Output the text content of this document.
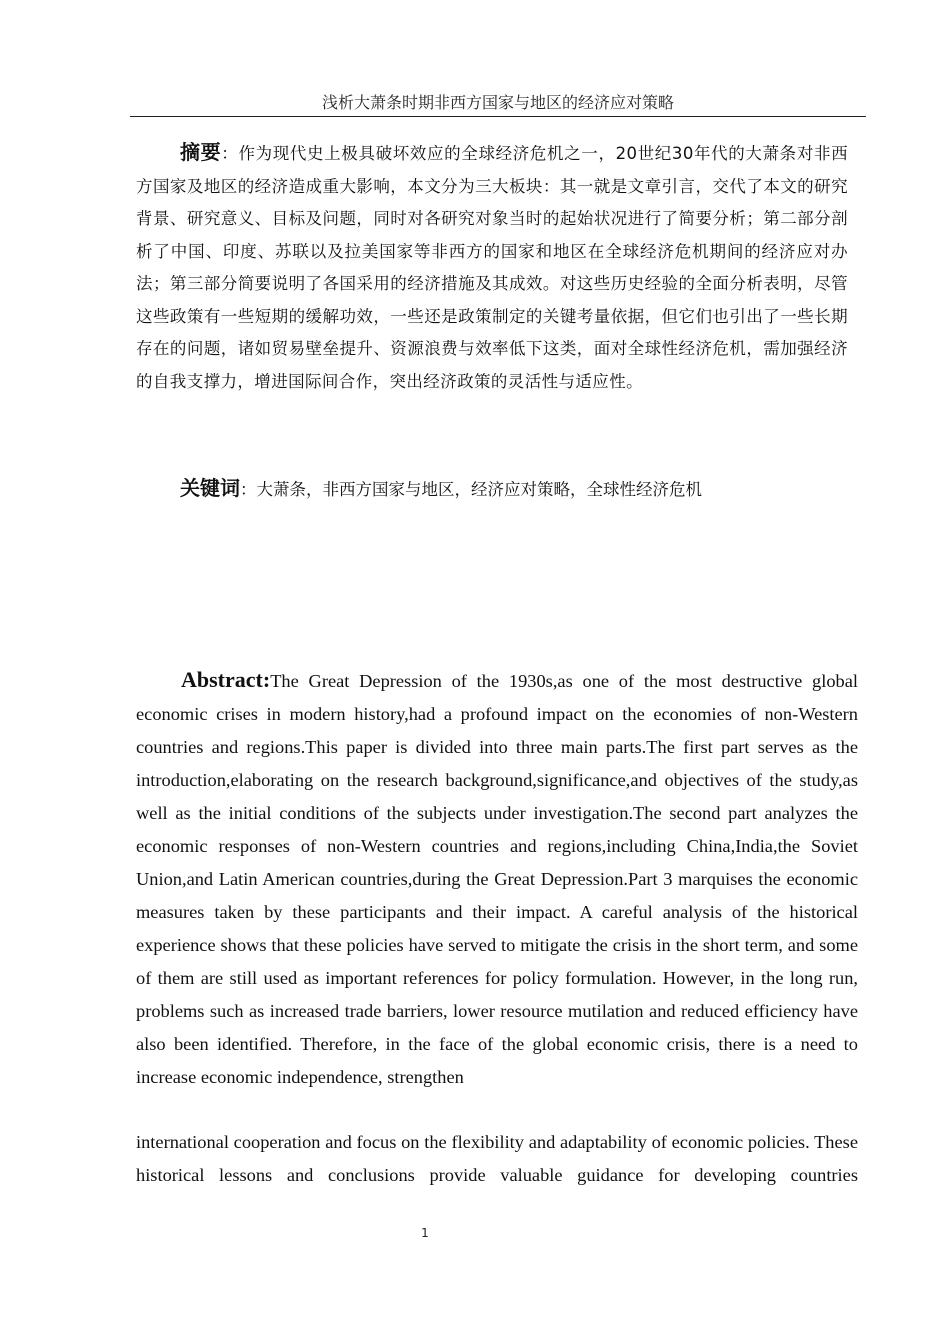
浅析大萧条时期非西方国家与地区的经济应对策略

摘要：作为现代史上极具破坏效应的全球经济危机之一，20世纪30年代的大萧条对非西方国家及地区的经济造成重大影响，本文分为三大板块：其一就是文章引言，交代了本文的研究背景、研究意义、目标及问题，同时对各研究对象当时的起始状况进行了简要分析；第二部分剖析了中国、印度、苏联以及拉美国家等非西方的国家和地区在全球经济危机期间的经济应对办法；第三部分简要说明了各国采用的经济措施及其成效。对这些历史经验的全面分析表明，尽管这些政策有一些短期的缓解功效，一些还是政策制定的关键考量依据，但它们也引出了一些长期存在的问题，诸如贸易壁垒提升、资源浪费与效率低下这类，面对全球性经济危机，需加强经济的自我支撑力，增进国际间合作，突出经济政策的灵活性与适应性。

关键词：大萧条，非西方国家与地区，经济应对策略，全球性经济危机

Abstract:The Great Depression of the 1930s,as one of the most destructive global economic crises in modern history,had a profound impact on the economies of non-Western countries and regions.This paper is divided into three main parts.The first part serves as the introduction,elaborating on the research background,significance,and objectives of the study,as well as the initial conditions of the subjects under investigation.The second part analyzes the economic responses of non-Western countries and regions,including China,India,the Soviet Union,and Latin American countries,during the Great Depression.Part 3 marquises the economic measures taken by these participants and their impact. A careful analysis of the historical experience shows that these policies have served to mitigate the crisis in the short term, and some of them are still used as important references for policy formulation. However, in the long run, problems such as increased trade barriers, lower resource mutilation and reduced efficiency have also been identified. Therefore, in the face of the global economic crisis, there is a need to increase economic independence, strengthen

international cooperation and focus on the flexibility and adaptability of economic policies. These historical lessons and conclusions provide valuable guidance for developing countries

1
